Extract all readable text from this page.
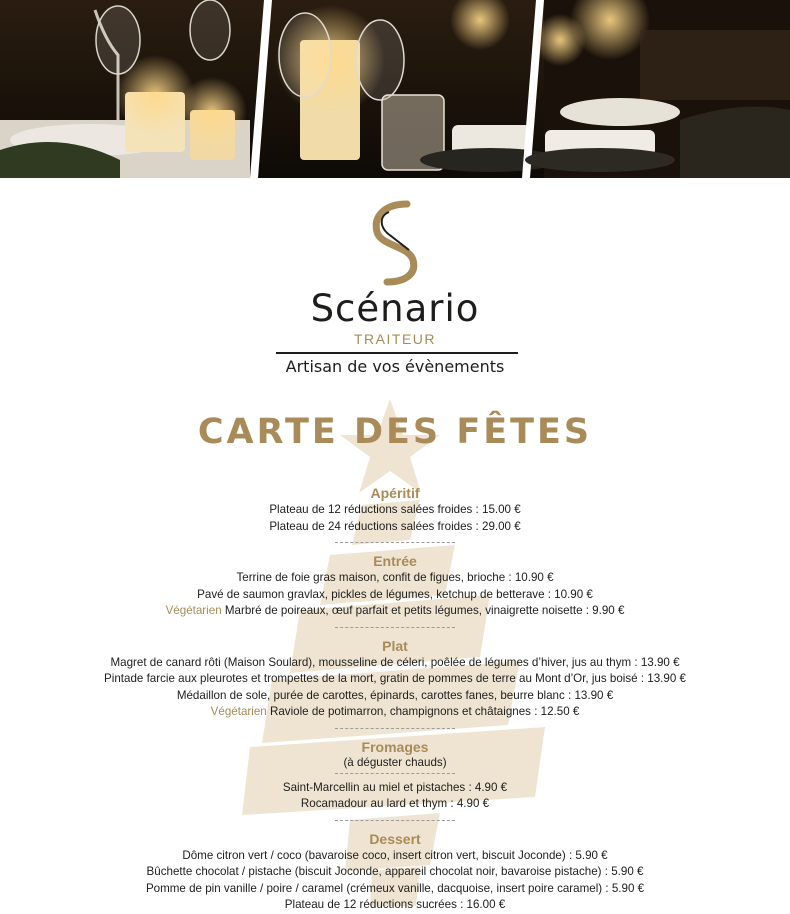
Scénario
TRAITEUR
Artisan de vos évènements
CARTE DES FÊTES
Apéritif
Plateau de 12 réductions salées froides : 15.00 €
Plateau de 24 réductions salées froides : 29.00 €
Entrée
Terrine de foie gras maison, confit de figues, brioche : 10.90 €
Pavé de saumon gravlax, pickles de légumes, ketchup de betterave : 10.90 €
Végétarien Marbré de poireaux, œuf parfait et petits légumes, vinaigrette noisette : 9.90 €
Plat
Magret de canard rôti (Maison Soulard), mousseline de céleri, poêlée de légumes d’hiver, jus au thym : 13.90 €
Pintade farcie aux pleurotes et trompettes de la mort, gratin de pommes de terre au Mont d’Or, jus boisé : 13.90 €
Médaillon de sole, purée de carottes, épinards, carottes fanes, beurre blanc : 13.90 €
Végétarien Raviole de potimarron, champignons et châtaignes : 12.50 €
Fromages
(à déguster chauds)
Saint-Marcellin au miel et pistaches : 4.90 €
Rocamadour au lard et thym : 4.90 €
Dessert
Dôme citron vert / coco (bavaroise coco, insert citron vert, biscuit Joconde) : 5.90 €
Bûchette chocolat / pistache (biscuit Joconde, appareil chocolat noir, bavaroise pistache) : 5.90 €
Pomme de pin vanille / poire / caramel (crémeux vanille, dacquoise, insert poire caramel) : 5.90 €
Plateau de 12 réductions sucrées : 16.00 €
